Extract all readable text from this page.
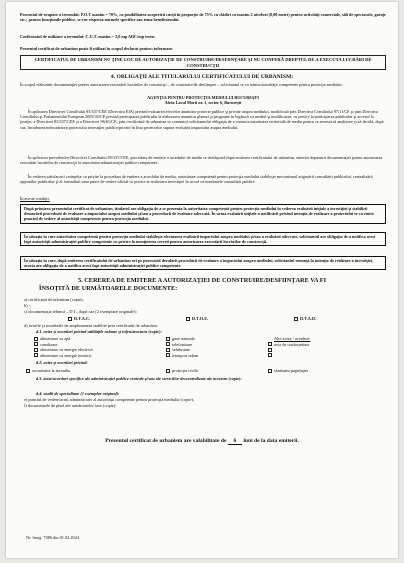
Procentul de ocupare a terenului: P.O.T maxim = 70%, cu posibilitatea acoperirii curţii în proporţie de 75% cu clădiri cu maxim 2 niveluri (8,00 metri) pentru activităţi comerciale, săli de spectacole, garaje etc.; pentru funcţiunile publice, se vor respecta normele specifice sau tema beneficiarului.

Coeficientul de utilizare a terenului: C.U.T. maxim = 3,0 mp ADC/mp teren.

Prezentul certificat de urbanism poate fi utilizat în scopul declarat pentru: informare.

CERTIFICATUL DE URBANISM NU ŢINE LOC DE AUTORIZAŢIE DE CONSTRUIRE/DESFIINŢARE ŞI NU CONFERĂ DREPTUL DE A EXECUTA LUCRĂRI DE CONSTRUCŢII
4. OBLIGAŢII ALE TITULARULUI CERTIFICATULUI DE URBANISM:

În scopul elaborării documentaţiei pentru autorizarea executării lucrărilor de construcţii – de construire/de desfiinţare – solicitantul se va adresa autorităţii competente pentru protecţia mediului:

AGENŢIA PENTRU PROTECŢIA MEDIULUI BUCUREŞTI

Aleea Lacul Morii nr. 1, sector 6, Bucureşti

În aplicarea Directivei Consiliului 85/337/CEE (Directiva EIA) privind evaluarea efectelor anumitor proiecte publice şi private asupra mediului, modificată prin Directiva Consiliului 97/11/CE şi prin Directiva Consiliului şi Parlamentului European 2003/35/CE privind participarea publicului la elaborarea anumitor planuri şi programe în legătură cu mediul şi modificarea, cu privire la participarea publicului şi accesul la justiţie, a Directivei 85/337/CEE şi a Directivei 96/61/CE, prin certificatul de urbanism se comunică solicitantului obligaţia de a contacta autoritatea teritorială de mediu pentru ca aceasta să analizeze şi să decidă, după caz, încadrarea/neîncadrarea proiectului investiţiei publice/private în lista proiectelor supuse evaluării impactului asupra mediului.

În aplicarea prevederilor Directivei Consiliului 85/337/CEE, procedura de emitere a acordului de mediu se desfăşoară după emiterea certificatului de urbanism, anterior depunerii documentaţiei pentru autorizarea executării lucrărilor de construcţii la autoritatea administraţiei publice competente.

În vederea satisfacerii cerinţelor cu privire la procedura de emitere a acordului de mediu, autoritatea competentă pentru protecţia mediului stabileşte mecanismul asigurării consultării publicului, centralizării opţiunilor publicului şi al formulării unui punct de vedere oficial cu privire la realizarea investiţiei în acord cu rezultatele consultării publice.

În aceste condiţii:

După primirea prezentului certificat de urbanism, titularul are obligaţia de a se prezenta la autoritatea competentă pentru protecţia mediului în vederea evaluării iniţiale a investiţiei şi stabilirii demarării procedurii de evaluare a impactului asupra mediului şi/sau a procedurii de evaluare adecvată. În urma evaluării iniţiale a notificării privind intenţia de realizare a proiectului se va emite punctul de vedere al autorităţii competente pentru protecţia mediului.
În situaţia în care autoritatea competentă pentru protecţia mediului stabileşte efectuarea evaluării impactului asupra mediului şi/sau a evaluării adecvate, solicitantul are obligaţia de a notifica acest fapt autorităţii administraţiei publice competente cu privire la menţinerea cererii pentru autorizarea executării lucrărilor de construcţii.
În situaţia în care, după emiterea certificatului de urbanism ori pe parcursul derulării procedurii de evaluare a impactului asupra mediului, solicitantul renunţă la intenţia de realizare a investiţiei, acesta are obligaţia de a notifica acest fapt autorităţii administraţiei publice competente.
5. CEREREA DE EMITERE A AUTORIZAŢIEI DE CONSTRUIRE/DESFIINŢARE VA FI
ÎNSOŢITĂ DE URMĂTOARELE DOCUMENTE:
a) certificatul de urbanism (copie);
b) -;
c) documentaţia tehnică – D.T., după caz (2 exemplare originale):
D.T.A.C.	D.T.O.E.	D.T.A.D.
d) avizele şi acordurile de amplasament stabilite prin certificatul de urbanism:
d.1. avize şi acorduri privind utilităţile urbane şi infrastructura (copie):
alimentare cu apă
canalizare
alimentare cu energie electrică
alimentare cu energie termică
gaze naturale
telefonizare
salubritate
transport urban
Alte avize / acorduri:
aviz de conformitate
d.2. avize şi acorduri privind:
securitatea la incendiu	protecţia civilă	sănătatea populaţiei

d.3. avize/acorduri specifice ale administraţiei publice centrale şi/sau ale serviciilor descentralizate ale acestora (copie):

d.4. studii de specialitate (1 exemplar original):
e) punctul de vedere/actul administrativ al autorităţii competente pentru protecţia mediului (copie);
f) documentele de plată ale următoarelor taxe (copie):
Prezentul certificat de urbanism are valabilitate de 6 luni de la data emiterii.
Nr. înreg. 7086 din 01.02.2024
